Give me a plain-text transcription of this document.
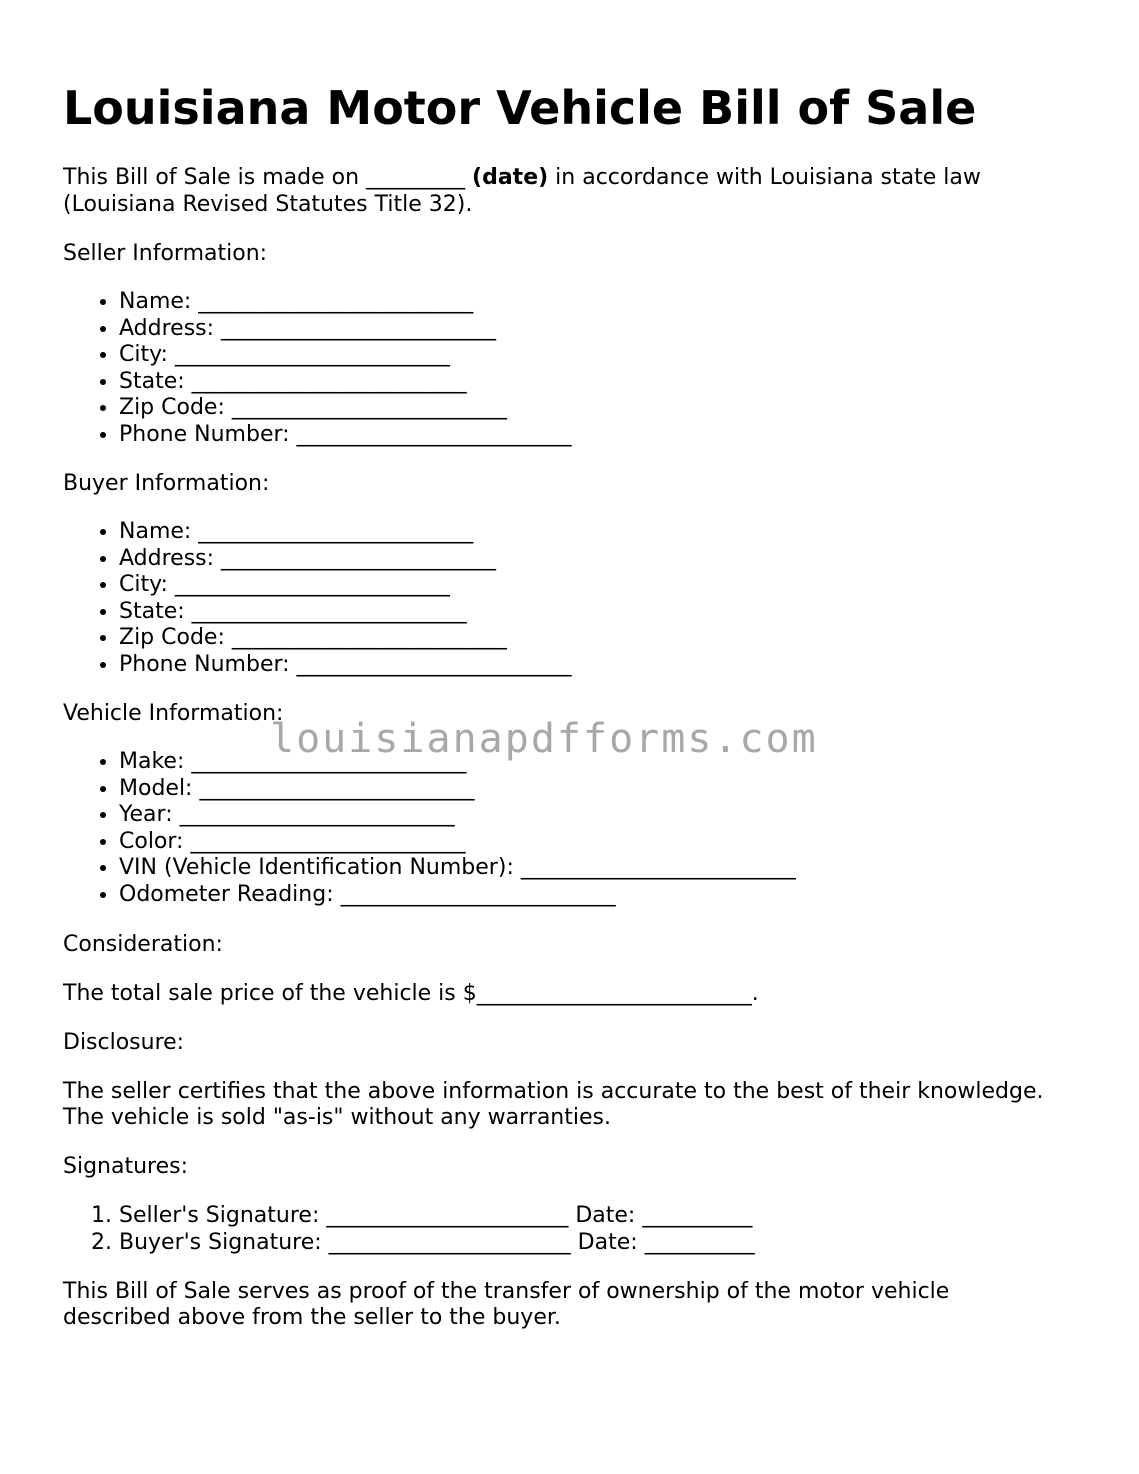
Louisiana Motor Vehicle Bill of Sale

This Bill of Sale is made on _________ (date) in accordance with Louisiana state law

(Louisiana Revised Statutes Title 32).

Seller Information:

• Name: _________________________
• Address: _________________________
• City: _________________________
• State: _________________________
• Zip Code: _________________________
• Phone Number: _________________________

Buyer Information:

• Name: _________________________
• Address: _________________________
• City: _________________________
• State: _________________________
• Zip Code: _________________________
• Phone Number: _________________________

Vehicle Information:

• Make: _________________________
• Model: _________________________
• Year: _________________________
• Color: _________________________
• VIN (Vehicle Identification Number): _________________________
• Odometer Reading: _________________________

Consideration:

The total sale price of the vehicle is $_________________________.

Disclosure:

The seller certifies that the above information is accurate to the best of their knowledge.

The vehicle is sold "as-is" without any warranties.

Signatures:

1. Seller's Signature: ______________________ Date: __________
2. Buyer's Signature: ______________________ Date: __________

This Bill of Sale serves as proof of the transfer of ownership of the motor vehicle

described above from the seller to the buyer.

louisianapdfforms.com
